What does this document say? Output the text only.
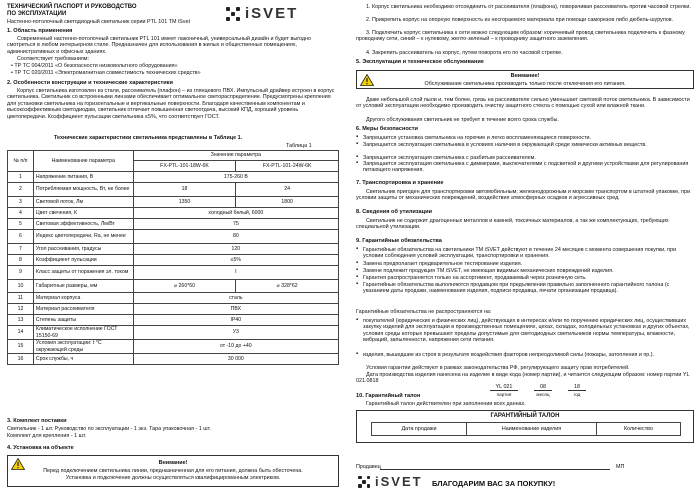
ТЕХНИЧЕСКИЙ ПАСПОРТ И РУКОВОДСТВО
ПО ЭКСПЛУАТАЦИИ
Настенно-потолочный светодиодный светильник серии PTL 101 ТМ iSvet	iSVET
1. Область применения

Современный настенно-потолочный светильник PTL 101 имеет лаконичный, универсальный дизайн и будет выгодно смотреться в любом интерьерном стиле. Предназначен для использования в жилых и общественных помещениях, административных и офисных зданиях.

Соответствует требованиям:
• ТР ТС 004/2011 «О безопасности низковольтного оборудования»
• ТР ТС 020/2011 «Электромагнитная совместимость технических средств»
2. Особенности конструкции и технические характеристики

Корпус светильника изготовлен из стали, рассеиватель (плафон) – из глянцевого ПВХ. Импульсный драйвер встроен в корпус светильника. Светильник со встроенными линзами обеспечивает оптимальное светораспределение. Предусмотрены крепления для установки светильника на горизонтальные и вертикальные поверхности. Благодаря качественным компонентам и высокоэффективным светодиодам, светильник отличает повышенная светоотдача, высокий КПД, хороший уровень цветопередачи. Коэффициент пульсации светильника ≤5%, что соответствует ГОСТ.

Технические характеристики светильника представлены в Таблице 1.
Таблица 1
№ п/п	Наименование параметра	Значение параметра	
		FX-PTL-101-18W-6K	FX-PTL-101-24W-6K
1	Напряжение питания, В	175-260 В	
2	Потребляемая мощность, Вт, не более	18	24
3	Световой поток, Лм	1350	1800
4	Цвет свечения, К	холодный белый, 6000	
5	Световая эффективность, Лм/Вт	75	
6	Индекс цветопередачи, Ra, не менее	80	
7	Угол рассеивания, градусы	120	
8	Коэффициент пульсации	≤5%	
9	Класс защиты от поражения эл. током	I	
10	Габаритные размеры, мм	⌀ 260*60	⌀ 328*62
11	Материал корпуса	сталь	
12	Материал рассеивателя	ПВХ	
13	Степень защиты	IP40	
14	Климатическое исполнение ГОСТ 15150-69	У3	
15	Условия эксплуатации: t °C окружающей среды	от -10 до +40	
16	Срок службы, ч	30 000	
3. Комплект поставки
Светильник - 1 шт. Руководство по эксплуатации - 1 экз. Тара упаковочная - 1 шт.
Комплект для крепления - 1 шт.
4. Установка на объекте
Внимание!
Перед подключением светильника линии, предназначенная для его питания, должна быть обесточена.
Установка и подключение должны осуществляться квалифицированным электриком.

1. Корпус светильника необходимо отсоединить от рассеивателя (плафона), поворачивая рассеиватель против часовой стрелки.

2. Прикрепить корпус на опорную поверхность из несгораемого материала при помощи саморезов либо дюбель-шурупов.

3. Подключить корпус светильника к сети можно следующим образом: коричневый провод светильника подключить к фазному проводнику сети, синий – к нулевому, желто-зеленый – к проводнику защитного заземления.

4. Закрепить рассеиватель на корпус, путем поворота его по часовой стрелке.

5. Эксплуатация и техническое обслуживание
Внимание!
Обслуживание светильника производить только после отключения его питания.

Даже небольшой слой пыли и, тем более, грязь на рассеивателе сильно уменьшает световой поток светильника. В зависимости от условий эксплуатации необходимо производить очистку защитного стекла с помощью сухой или влажной ткани.

Другого обслуживания светильник не требует в течение всего срока службы.

6. Меры безопасности
▪ Запрещается установка светильника на горючие и легко воспламеняющиеся поверхности.
▪ Запрещается эксплуатация светильника в условиях наличия в окружающей среде химически активных веществ.
▪ Запрещается эксплуатация светильника с разбитым рассеивателем.
▪ Запрещается эксплуатация светильника с диммерами, выключателями с подсветкой и другими устройствами для регулирования питающего напряжения.
7. Транспортировка и хранение

Светильник пригоден для транспортировки автомобильным, железнодорожным и морским транспортом в штатной упаковке, при условии защиты от механических повреждений, воздействия атмосферных осадков и агрессивных сред.

8. Сведения об утилизации

Светильник не содержит драгоценных металлов и камней, токсичных материалов, а так же комплектующих, требующих специальной утилизации.

9. Гарантийные обязательства
▪ Гарантийные обязательства на светильники ТМ iSVET действуют в течение 24 месяцев с момента совершения покупки, при условии соблюдения условий эксплуатации, транспортировки и хранения.
▪ Замена предполагает предварительное тестирование изделия.
▪ Замене подлежит продукция ТМ iSVET, не имеющая видимых механических повреждений изделия.
▪ Гарантия распространяется только на ассортимент, продаваемый через розничную сеть.
▪ Гарантийные обязательства выполняются продавцом при предъявлении правильно заполненного гарантийного талона (с указанием даты продажи, наименования изделия, подписи продавца, печати организации продавца).
Гарантийные обязательства не распространяются на:
▪ покупателей (юридических и физических лиц), действующих в интересах и/или по поручению юридических лиц, осуществивших закупку изделий для эксплуатации в производственных помещениях, цехах, складах, холодильных установках и других объектах, условия среды которых превышают пределы допустимые для светодиодных светильников нормы температуры, влажности, вибраций, запыленности, напряжения сети питания.
▪ изделия, вышедшие из строя в результате воздействия факторов непреодолимой силы (пожары, затопления и пр.).

Условия гарантии действуют в рамках законодательства РФ, регулирующего защиту прав потребителей.

Дата производства изделия нанесена на изделие в виде кода (номер партии), и читается следующим образом: номер партии YL 021.0818

YL 021	08	18
партия	месяц	год
10. Гарантийный талон
Гарантийный талон действителен при заполнении всех даннах.
ГАРАНТИЙНЫЙ ТАЛОН
Дата продажи	Наименование изделия	Количество
Продавец	МП
iSVET БЛАГОДАРИМ ВАС ЗА ПОКУПКУ!
